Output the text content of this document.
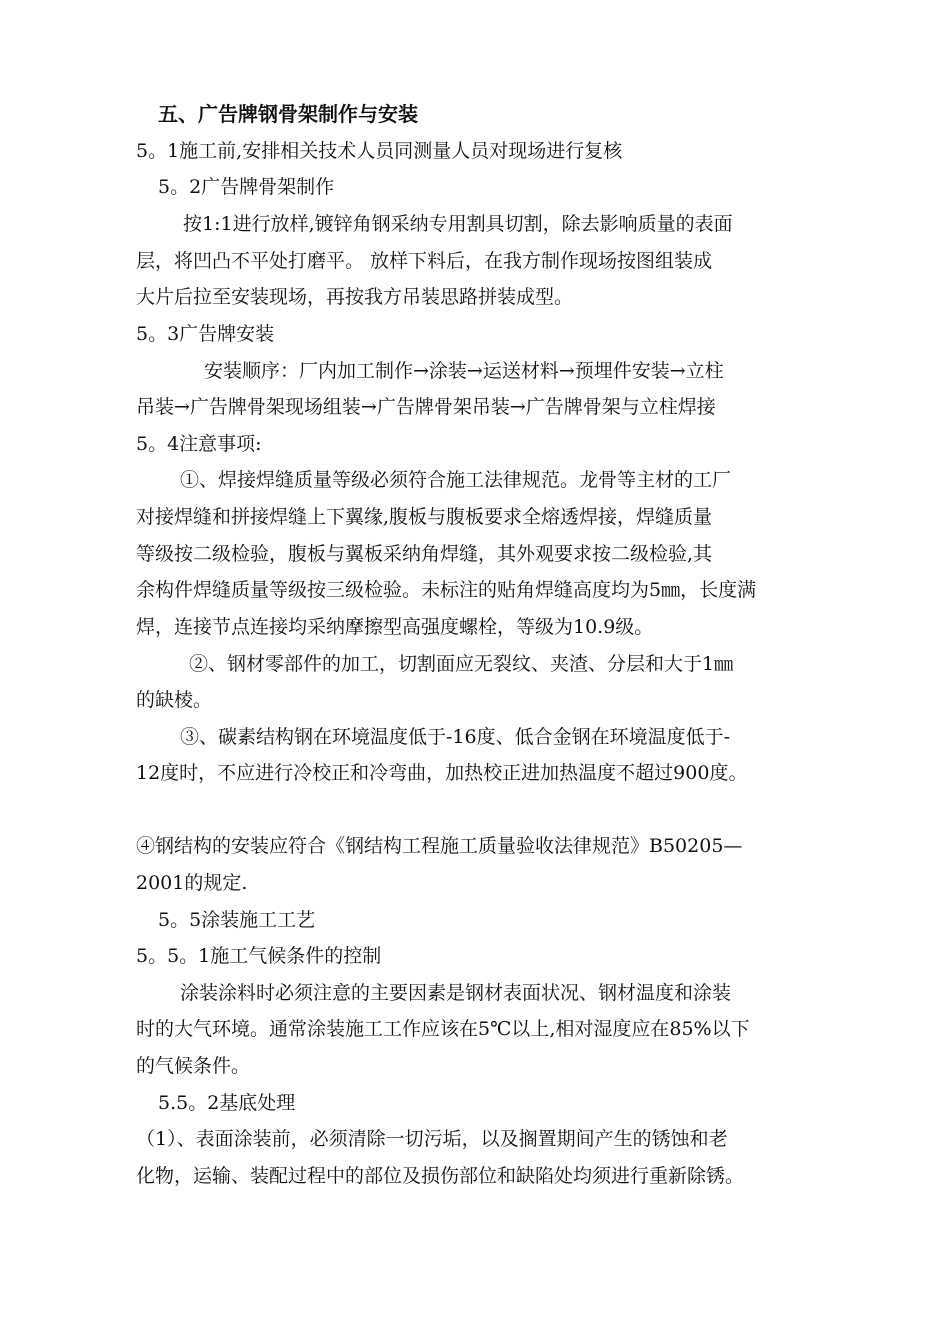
五、广告牌钢骨架制作与安装
5。1施工前,安排相关技术人员同测量人员对现场进行复核
5。2广告牌骨架制作
按1:1进行放样,镀锌角钢采纳专用割具切割，除去影响质量的表面
层，将凹凸不平处打磨平。 放样下料后，在我方制作现场按图组装成
大片后拉至安装现场，再按我方吊装思路拼装成型。
5。3广告牌安装
安装顺序：厂内加工制作→涂装→运送材料→预埋件安装→立柱
吊装→广告牌骨架现场组装→广告牌骨架吊装→广告牌骨架与立柱焊接
5。4注意事项:
①、焊接焊缝质量等级必须符合施工法律规范。龙骨等主材的工厂
对接焊缝和拼接焊缝上下翼缘,腹板与腹板要求全熔透焊接，焊缝质量
等级按二级检验，腹板与翼板采纳角焊缝，其外观要求按二级检验,其
余构件焊缝质量等级按三级检验。未标注的贴角焊缝高度均为5㎜，长度满
焊，连接节点连接均采纳摩擦型高强度螺栓，等级为10.9级。
②、钢材零部件的加工，切割面应无裂纹、夹渣、分层和大于1㎜
的缺棱。
③、碳素结构钢在环境温度低于-16度、低合金钢在环境温度低于-
12度时，不应进行冷校正和冷弯曲，加热校正进加热温度不超过900度。
④钢结构的安装应符合《钢结构工程施工质量验收法律规范》B50205—
2001的规定.
5。5涂装施工工艺
5。5。1施工气候条件的控制
涂装涂料时必须注意的主要因素是钢材表面状况、钢材温度和涂装
时的大气环境。通常涂装施工工作应该在5℃以上,相对湿度应在85%以下
的气候条件。
5.5。2基底处理
（1）、表面涂装前，必须清除一切污垢，以及搁置期间产生的锈蚀和老
化物，运输、装配过程中的部位及损伤部位和缺陷处均须进行重新除锈。
